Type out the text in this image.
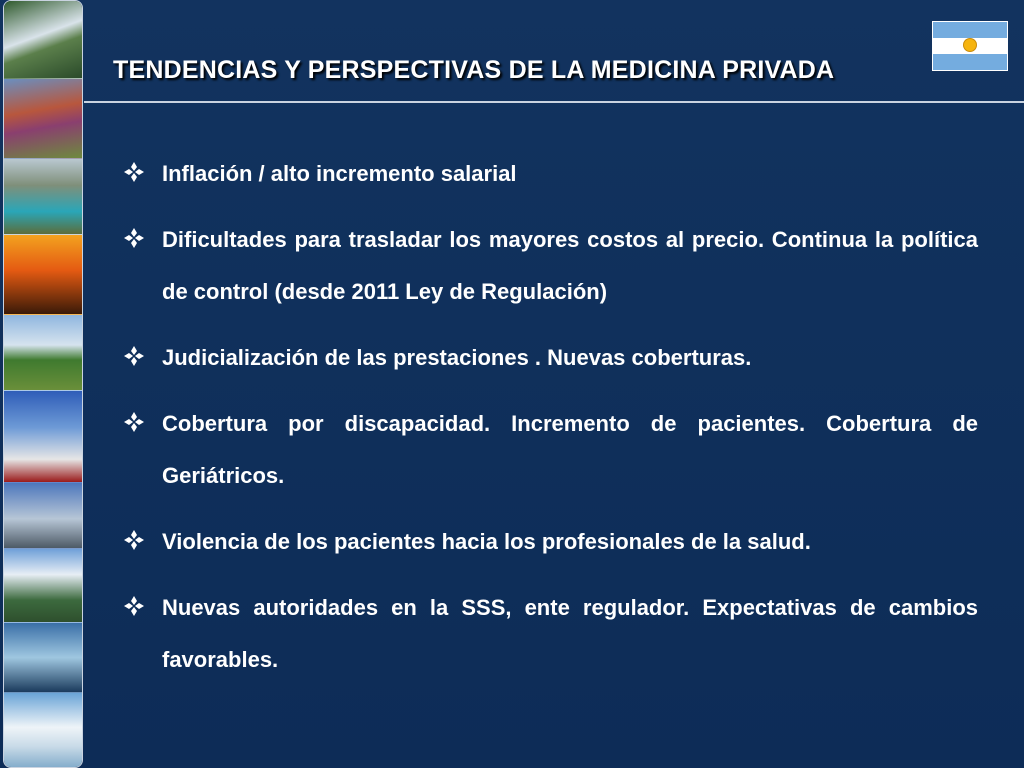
TENDENCIAS Y PERSPECTIVAS DE LA MEDICINA PRIVADA
Inflación / alto incremento salarial
Dificultades para trasladar los mayores costos al precio. Continua la política de control (desde 2011 Ley de Regulación)
Judicialización de las prestaciones . Nuevas coberturas.
Cobertura por discapacidad. Incremento de pacientes. Cobertura de Geriátricos.
Violencia de los pacientes hacia los profesionales de la salud.
Nuevas autoridades en la SSS, ente regulador. Expectativas de cambios favorables.
